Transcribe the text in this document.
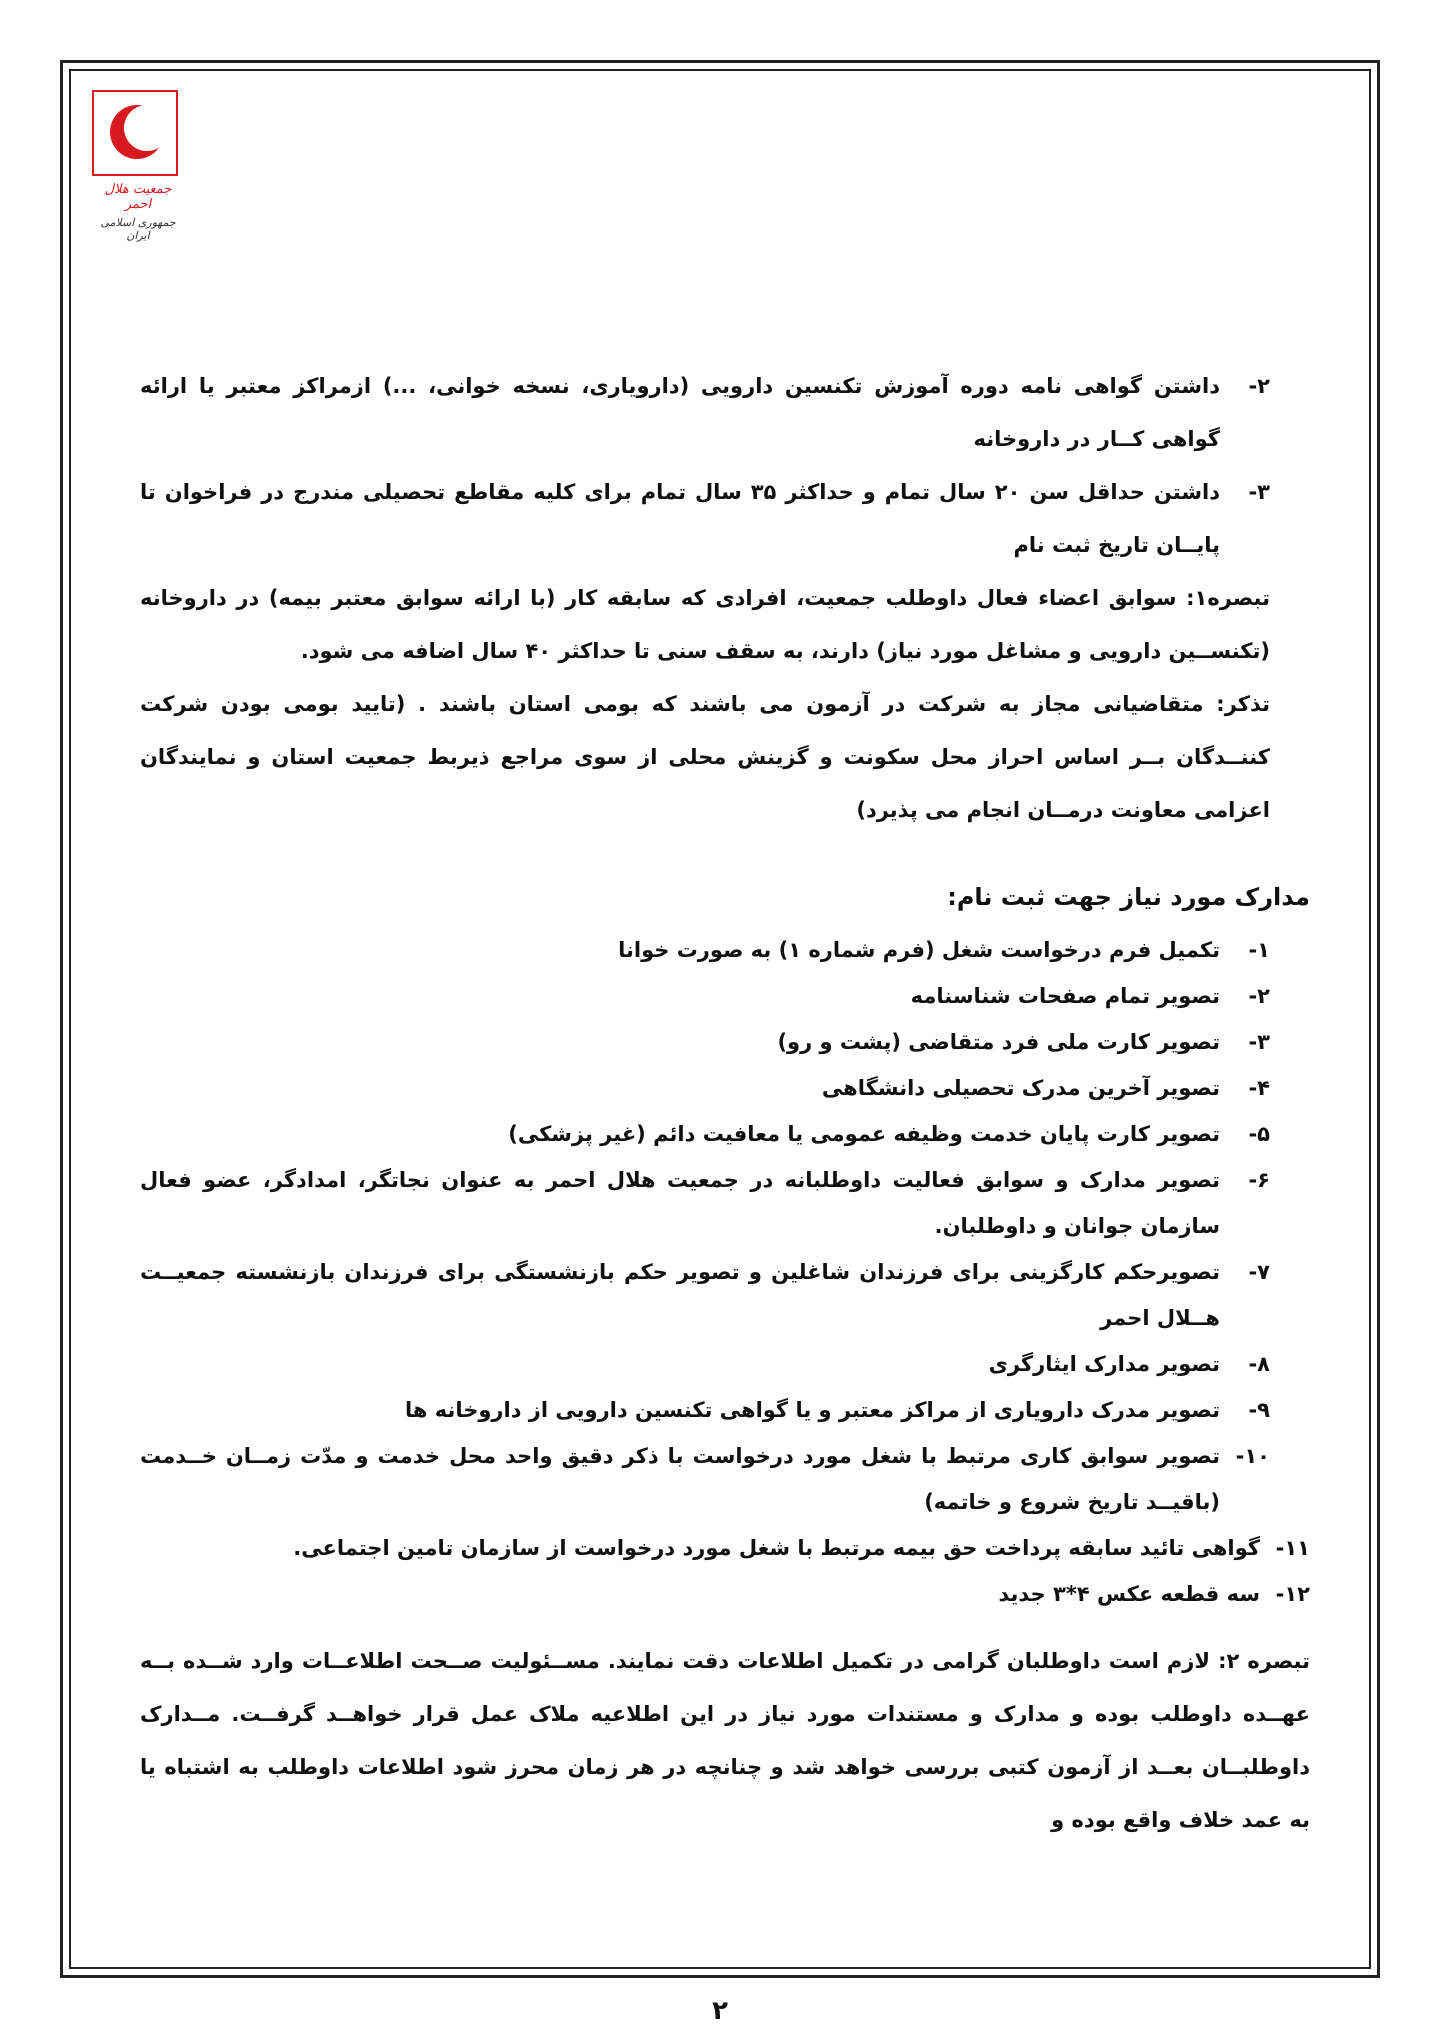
جمعیت هلال احمر
جمهوری اسلامی ایران
۲-
داشتن گواهی نامه دوره آموزش تکنسین دارویی (دارویاری، نسخه خوانی، ...) ازمراکز معتبر یا ارائه گواهی کــار در داروخانه
۳-
داشتن حداقل سن ۲۰ سال تمام و حداکثر ۳۵ سال تمام برای کلیه مقاطع تحصیلی مندرج در فراخوان تا پایــان تاریخ ثبت نام
تبصره۱: سوابق اعضاء فعال داوطلب جمعیت، افرادی که سابقه کار (با ارائه سوابق معتبر بیمه) در داروخانه (تکنســین دارویی و مشاغل مورد نیاز) دارند، به سقف سنی تا حداکثر ۴۰ سال اضافه می شود.
تذکر: متقاضیانی مجاز به شرکت در آزمون می باشند که بومی استان باشند . (تایید بومی بودن شرکت کننــدگان بــر اساس احراز محل سکونت و گزینش محلی از سوی مراجع ذیربط جمعیت استان و نمایندگان اعزامی معاونت درمــان انجام می پذیرد)
مدارک مورد نیاز جهت ثبت نام:
۱-
تکمیل فرم درخواست شغل (فرم شماره ۱) به صورت خوانا
۲-
تصویر تمام صفحات شناسنامه
۳-
تصویر کارت ملی فرد متقاضی (پشت و رو)
۴-
تصویر آخرین مدرک تحصیلی دانشگاهی
۵-
تصویر کارت پایان خدمت وظیفه عمومی یا معافیت دائم (غیر پزشکی)
۶-
تصویر مدارک و سوابق فعالیت داوطلبانه در جمعیت هلال احمر به عنوان نجاتگر، امدادگر، عضو فعال سازمان جوانان و داوطلبان.
۷-
تصویرحکم کارگزینی برای فرزندان شاغلین و تصویر حکم بازنشستگی برای فرزندان بازنشسته جمعیــت هــلال احمر
۸-
تصویر مدارک ایثارگری
۹-
تصویر مدرک دارویاری از مراکز معتبر و یا گواهی تکنسین دارویی از داروخانه ها
۱۰-
تصویر سوابق کاری مرتبط با شغل مورد درخواست با ذکر دقیق واحد محل خدمت و مدّت زمــان خــدمت (باقیــد تاریخ شروع و خاتمه)
۱۱-
گواهی تائید سابقه پرداخت حق بیمه مرتبط با شغل مورد درخواست از سازمان تامین اجتماعی.
۱۲-
سه قطعه عکس ۴*۳ جدید
تبصره ۲: لازم است داوطلبان گرامی در تکمیل اطلاعات دقت نمایند. مســئولیت صــحت اطلاعــات وارد شــده بــه عهــده داوطلب بوده و مدارک و مستندات مورد نیاز در این اطلاعیه ملاک عمل قرار خواهــد گرفــت. مــدارک داوطلبــان بعــد از آزمون کتبی بررسی خواهد شد و چنانچه در هر زمان محرز شود اطلاعات داوطلب به اشتباه یا به عمد خلاف واقع بوده و
۲
